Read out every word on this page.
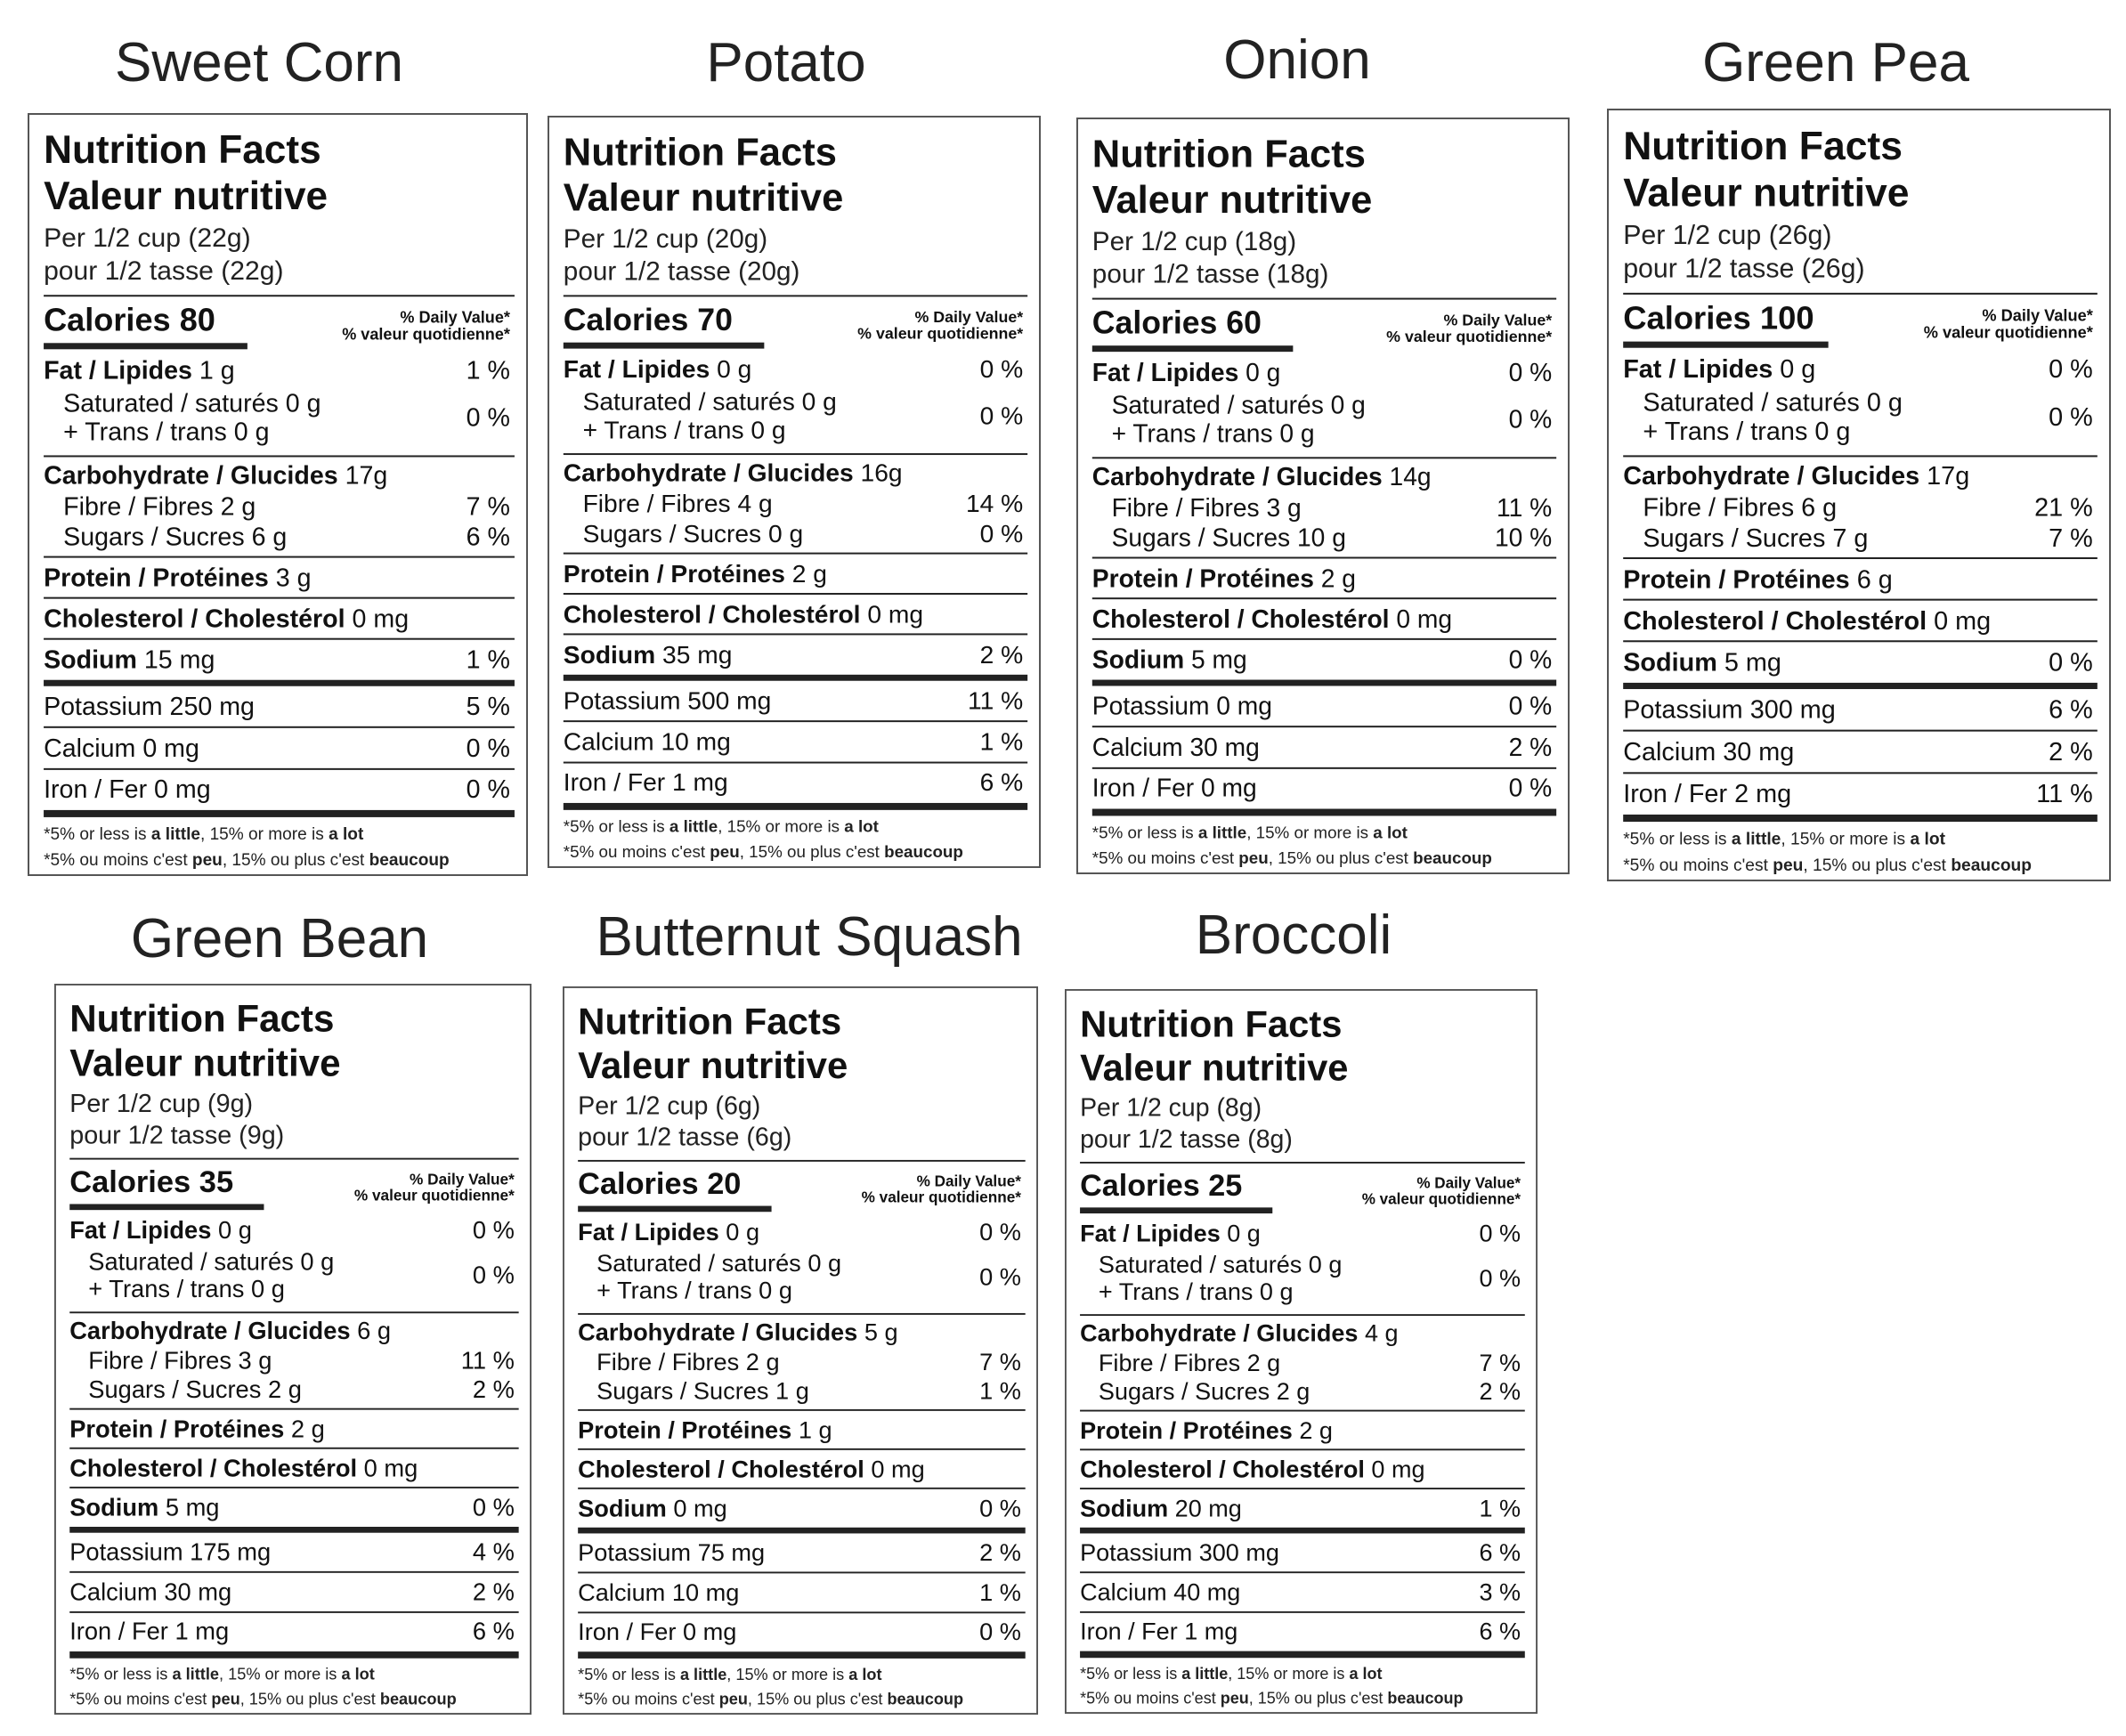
Sweet Corn
Nutrition Facts
Valeur nutritive
Per 1/2 cup (22g)
pour 1/2 tasse (22g)
Calories 80	% Daily Value*
% valeur quotidienne*
Fat / Lipides 1 g	1 %
Saturated / saturés 0 g
+ Trans / trans 0 g	0 %
Carbohydrate / Glucides 17g
Fibre / Fibres 2 g	7 %
Sugars / Sucres 6 g	6 %
Protein / Protéines 3 g
Cholesterol / Cholestérol 0 mg
Sodium 15 mg	1 %
Potassium 250 mg	5 %
Calcium 0 mg	0 %
Iron / Fer 0 mg	0 %
*5% or less is a little, 15% or more is a lot
*5% ou moins c'est peu, 15% ou plus c'est beaucoup
Potato
Nutrition Facts
Valeur nutritive
Per 1/2 cup (20g)
pour 1/2 tasse (20g)
Calories 70	% Daily Value*
% valeur quotidienne*
Fat / Lipides 0 g	0 %
Saturated / saturés 0 g
+ Trans / trans 0 g	0 %
Carbohydrate / Glucides 16g
Fibre / Fibres 4 g	14 %
Sugars / Sucres 0 g	0 %
Protein / Protéines 2 g
Cholesterol / Cholestérol 0 mg
Sodium 35 mg	2 %
Potassium 500 mg	11 %
Calcium 10 mg	1 %
Iron / Fer 1 mg	6 %
*5% or less is a little, 15% or more is a lot
*5% ou moins c'est peu, 15% ou plus c'est beaucoup
Onion
Nutrition Facts
Valeur nutritive
Per 1/2 cup (18g)
pour 1/2 tasse (18g)
Calories 60	% Daily Value*
% valeur quotidienne*
Fat / Lipides 0 g	0 %
Saturated / saturés 0 g
+ Trans / trans 0 g	0 %
Carbohydrate / Glucides 14g
Fibre / Fibres 3 g	11 %
Sugars / Sucres 10 g	10 %
Protein / Protéines 2 g
Cholesterol / Cholestérol 0 mg
Sodium 5 mg	0 %
Potassium 0 mg	0 %
Calcium 30 mg	2 %
Iron / Fer 0 mg	0 %
*5% or less is a little, 15% or more is a lot
*5% ou moins c'est peu, 15% ou plus c'est beaucoup
Green Pea
Nutrition Facts
Valeur nutritive
Per 1/2 cup (26g)
pour 1/2 tasse (26g)
Calories 100	% Daily Value*
% valeur quotidienne*
Fat / Lipides 0 g	0 %
Saturated / saturés 0 g
+ Trans / trans 0 g	0 %
Carbohydrate / Glucides 17g
Fibre / Fibres 6 g	21 %
Sugars / Sucres 7 g	7 %
Protein / Protéines 6 g
Cholesterol / Cholestérol 0 mg
Sodium 5 mg	0 %
Potassium 300 mg	6 %
Calcium 30 mg	2 %
Iron / Fer 2 mg	11 %
*5% or less is a little, 15% or more is a lot
*5% ou moins c'est peu, 15% ou plus c'est beaucoup
Green Bean
Nutrition Facts
Valeur nutritive
Per 1/2 cup (9g)
pour 1/2 tasse (9g)
Calories 35	% Daily Value*
% valeur quotidienne*
Fat / Lipides 0 g	0 %
Saturated / saturés 0 g
+ Trans / trans 0 g	0 %
Carbohydrate / Glucides 6 g
Fibre / Fibres 3 g	11 %
Sugars / Sucres 2 g	2 %
Protein / Protéines 2 g
Cholesterol / Cholestérol 0 mg
Sodium 5 mg	0 %
Potassium 175 mg	4 %
Calcium 30 mg	2 %
Iron / Fer 1 mg	6 %
*5% or less is a little, 15% or more is a lot
*5% ou moins c'est peu, 15% ou plus c'est beaucoup
Butternut Squash
Nutrition Facts
Valeur nutritive
Per 1/2 cup (6g)
pour 1/2 tasse (6g)
Calories 20	% Daily Value*
% valeur quotidienne*
Fat / Lipides 0 g	0 %
Saturated / saturés 0 g
+ Trans / trans 0 g	0 %
Carbohydrate / Glucides 5 g
Fibre / Fibres 2 g	7 %
Sugars / Sucres 1 g	1 %
Protein / Protéines 1 g
Cholesterol / Cholestérol 0 mg
Sodium 0 mg	0 %
Potassium 75 mg	2 %
Calcium 10 mg	1 %
Iron / Fer 0 mg	0 %
*5% or less is a little, 15% or more is a lot
*5% ou moins c'est peu, 15% ou plus c'est beaucoup
Broccoli
Nutrition Facts
Valeur nutritive
Per 1/2 cup (8g)
pour 1/2 tasse (8g)
Calories 25	% Daily Value*
% valeur quotidienne*
Fat / Lipides 0 g	0 %
Saturated / saturés 0 g
+ Trans / trans 0 g	0 %
Carbohydrate / Glucides 4 g
Fibre / Fibres 2 g	7 %
Sugars / Sucres 2 g	2 %
Protein / Protéines 2 g
Cholesterol / Cholestérol 0 mg
Sodium 20 mg	1 %
Potassium 300 mg	6 %
Calcium 40 mg	3 %
Iron / Fer 1 mg	6 %
*5% or less is a little, 15% or more is a lot
*5% ou moins c'est peu, 15% ou plus c'est beaucoup
